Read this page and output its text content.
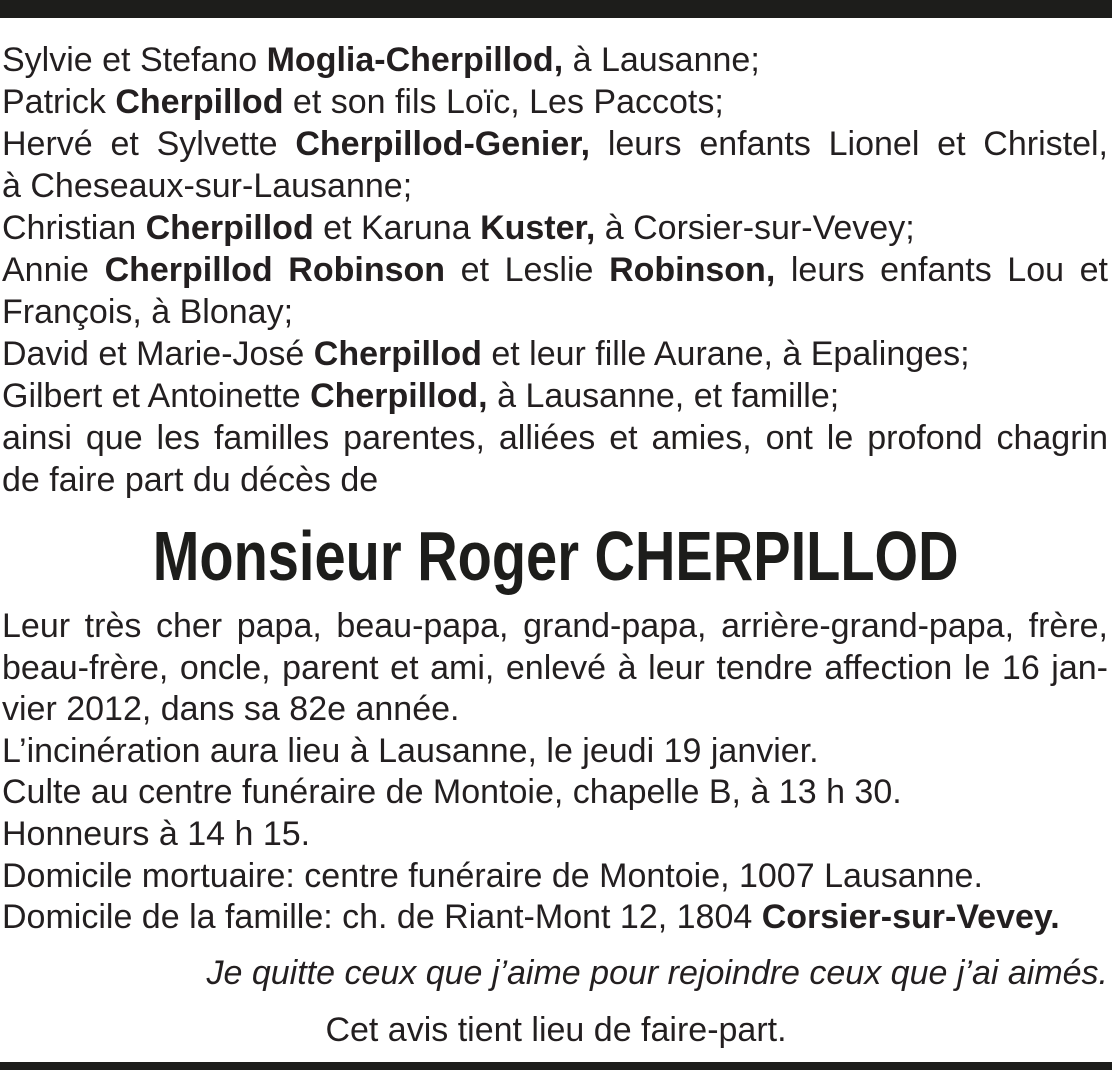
Sylvie et Stefano Moglia-Cherpillod, à Lausanne;
Patrick Cherpillod et son fils Loïc, Les Paccots;
Hervé et Sylvette Cherpillod-Genier, leurs enfants Lionel et Christel,
à Cheseaux-sur-Lausanne;
Christian Cherpillod et Karuna Kuster, à Corsier-sur-Vevey;
Annie Cherpillod Robinson et Leslie Robinson, leurs enfants Lou et
François, à Blonay;
David et Marie-José Cherpillod et leur fille Aurane, à Epalinges;
Gilbert et Antoinette Cherpillod, à Lausanne, et famille;
ainsi que les familles parentes, alliées et amies, ont le profond chagrin
de faire part du décès de
Monsieur Roger CHERPILLOD
Leur très cher papa, beau-papa, grand-papa, arrière-grand-papa, frère,
beau-frère, oncle, parent et ami, enlevé à leur tendre affection le 16 jan-
vier 2012, dans sa 82e année.
L’incinération aura lieu à Lausanne, le jeudi 19 janvier.
Culte au centre funéraire de Montoie, chapelle B, à 13 h 30.
Honneurs à 14 h 15.
Domicile mortuaire: centre funéraire de Montoie, 1007 Lausanne.
Domicile de la famille: ch. de Riant-Mont 12, 1804 Corsier-sur-Vevey.
Je quitte ceux que j’aime pour rejoindre ceux que j’ai aimés.
Cet avis tient lieu de faire-part.
